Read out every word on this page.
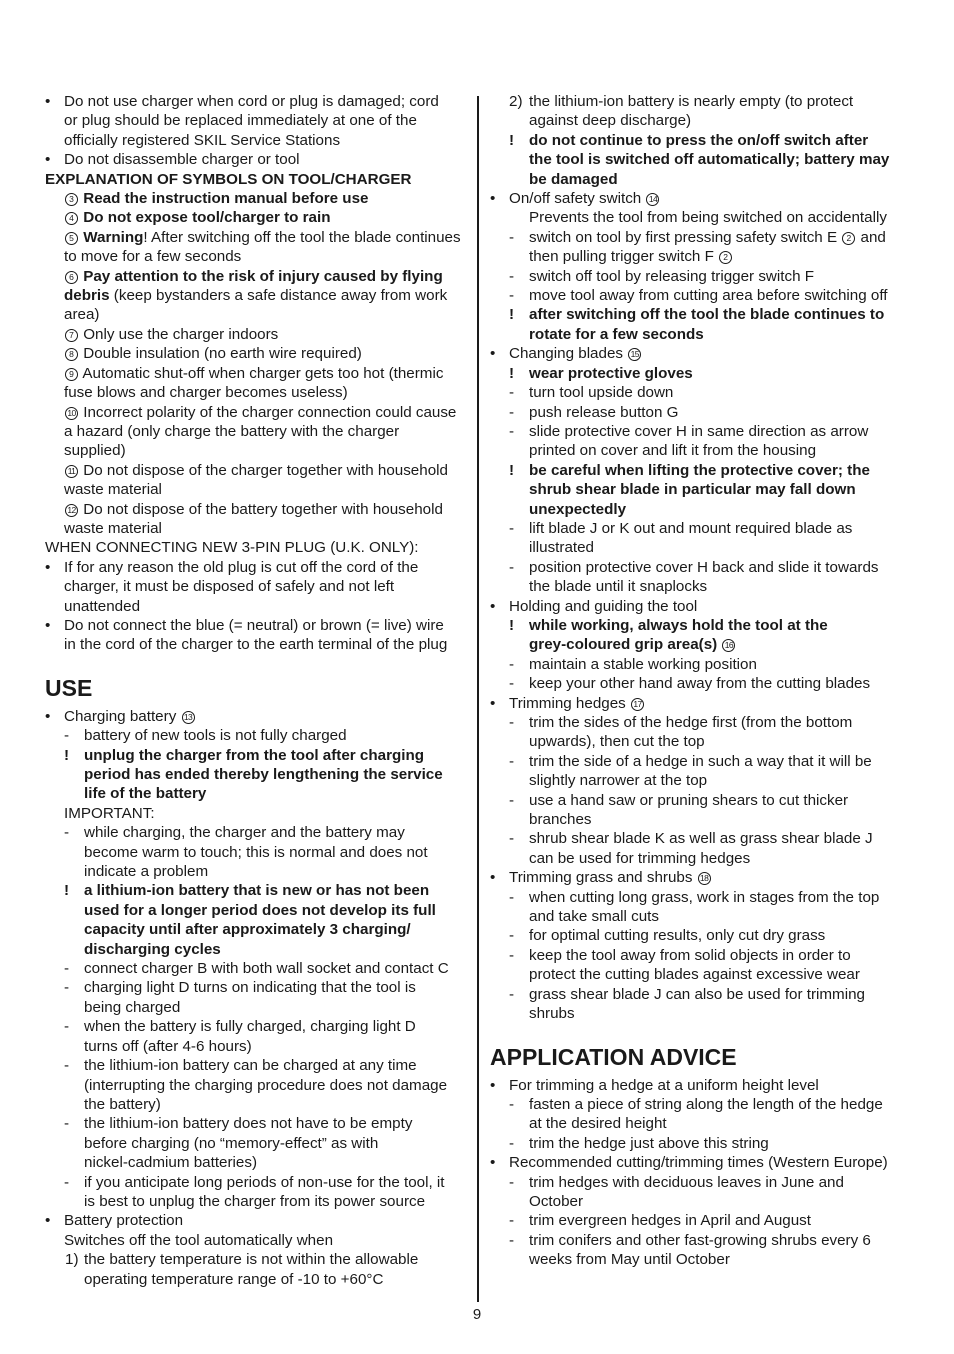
• Do not use charger when cord or plug is damaged; cord
or plug should be replaced immediately at one of the
officially registered SKIL Service Stations
• Do not disassemble charger or tool
EXPLANATION OF SYMBOLS ON TOOL/CHARGER
3 Read the instruction manual before use
4 Do not expose tool/charger to rain
5 Warning! After switching off the tool the blade continues
to move for a few seconds
6 Pay attention to the risk of injury caused by flying
debris (keep bystanders a safe distance away from work
area)
7 Only use the charger indoors
8 Double insulation (no earth wire required)
9 Automatic shut-off when charger gets too hot (thermic
fuse blows and charger becomes useless)
10 Incorrect polarity of the charger connection could cause
a hazard (only charge the battery with the charger
supplied)
11 Do not dispose of the charger together with household
waste material
12 Do not dispose of the battery together with household
waste material
WHEN CONNECTING NEW 3-PIN PLUG (U.K. ONLY):
• If for any reason the old plug is cut off the cord of the
charger, it must be disposed of safely and not left
unattended
• Do not connect the blue (= neutral) or brown (= live) wire
in the cord of the charger to the earth terminal of the plug
USE
• Charging battery 13
- battery of new tools is not fully charged
! unplug the charger from the tool after charging
period has ended thereby lengthening the service
life of the battery
IMPORTANT:
- while charging, the charger and the battery may
become warm to touch; this is normal and does not
indicate a problem
! a lithium-ion battery that is new or has not been
used for a longer period does not develop its full
capacity until after approximately 3 charging/
discharging cycles
- connect charger B with both wall socket and contact C
- charging light D turns on indicating that the tool is
being charged
- when the battery is fully charged, charging light D
turns off (after 4-6 hours)
- the lithium-ion battery can be charged at any time
(interrupting the charging procedure does not damage
the battery)
- the lithium-ion battery does not have to be empty
before charging (no “memory-effect” as with
nickel-cadmium batteries)
- if you anticipate long periods of non-use for the tool, it
is best to unplug the charger from its power source
• Battery protection
Switches off the tool automatically when
1) the battery temperature is not within the allowable
operating temperature range of -10 to +60°C
2) the lithium-ion battery is nearly empty (to protect
against deep discharge)
! do not continue to press the on/off switch after
the tool is switched off automatically; battery may
be damaged
• On/off safety switch 14
Prevents the tool from being switched on accidentally
- switch on tool by first pressing safety switch E 2 and
then pulling trigger switch F 2
- switch off tool by releasing trigger switch F
- move tool away from cutting area before switching off
! after switching off the tool the blade continues to
rotate for a few seconds
• Changing blades 15
! wear protective gloves
- turn tool upside down
- push release button G
- slide protective cover H in same direction as arrow
printed on cover and lift it from the housing
! be careful when lifting the protective cover; the
shrub shear blade in particular may fall down
unexpectedly
- lift blade J or K out and mount required blade as
illustrated
- position protective cover H back and slide it towards
the blade until it snaplocks
• Holding and guiding the tool
! while working, always hold the tool at the
grey-coloured grip area(s) 16
- maintain a stable working position
- keep your other hand away from the cutting blades
• Trimming hedges 17
- trim the sides of the hedge first (from the bottom
upwards), then cut the top
- trim the side of a hedge in such a way that it will be
slightly narrower at the top
- use a hand saw or pruning shears to cut thicker
branches
- shrub shear blade K as well as grass shear blade J
can be used for trimming hedges
• Trimming grass and shrubs 18
- when cutting long grass, work in stages from the top
and take small cuts
- for optimal cutting results, only cut dry grass
- keep the tool away from solid objects in order to
protect the cutting blades against excessive wear
- grass shear blade J can also be used for trimming
shrubs
APPLICATION ADVICE
• For trimming a hedge at a uniform height level
- fasten a piece of string along the length of the hedge
at the desired height
- trim the hedge just above this string
• Recommended cutting/trimming times (Western Europe)
- trim hedges with deciduous leaves in June and
October
- trim evergreen hedges in April and August
- trim conifers and other fast-growing shrubs every 6
weeks from May until October
9
